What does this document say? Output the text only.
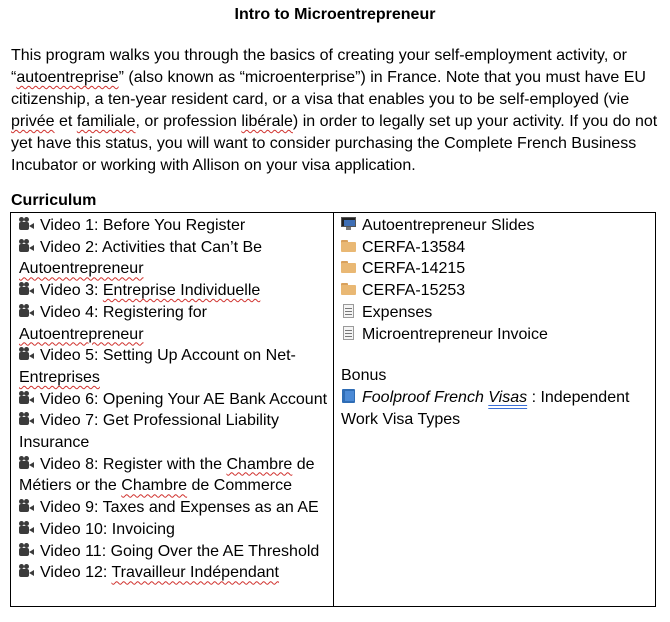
Intro to Microentrepreneur

This program walks you through the basics of creating your self-employment activity, or “autoentreprise” (also known as “microenterprise”) in France. Note that you must have EU citizenship, a ten-year resident card, or a visa that enables you to be self-employed (vie privée et familiale, or profession libérale) in order to legally set up your activity. If you do not yet have this status, you will want to consider purchasing the Complete French Business Incubator or working with Allison on your visa application.

Curriculum
Video 1: Before You Register
Video 2: Activities that Can’t Be Autoentrepreneur
Video 3: Entreprise Individuelle
Video 4: Registering for Autoentrepreneur
Video 5: Setting Up Account on Net-Entreprises
Video 6: Opening Your AE Bank Account
Video 7: Get Professional Liability Insurance
Video 8: Register with the Chambre de Métiers or the Chambre de Commerce
Video 9: Taxes and Expenses as an AE
Video 10: Invoicing
Video 11: Going Over the AE Threshold
Video 12: Travailleur Indépendant
Autoentrepreneur Slides
CERFA-13584
CERFA-14215
CERFA-15253
Expenses
Microentrepreneur Invoice
Bonus
Foolproof French Visas : Independent Work Visa Types
